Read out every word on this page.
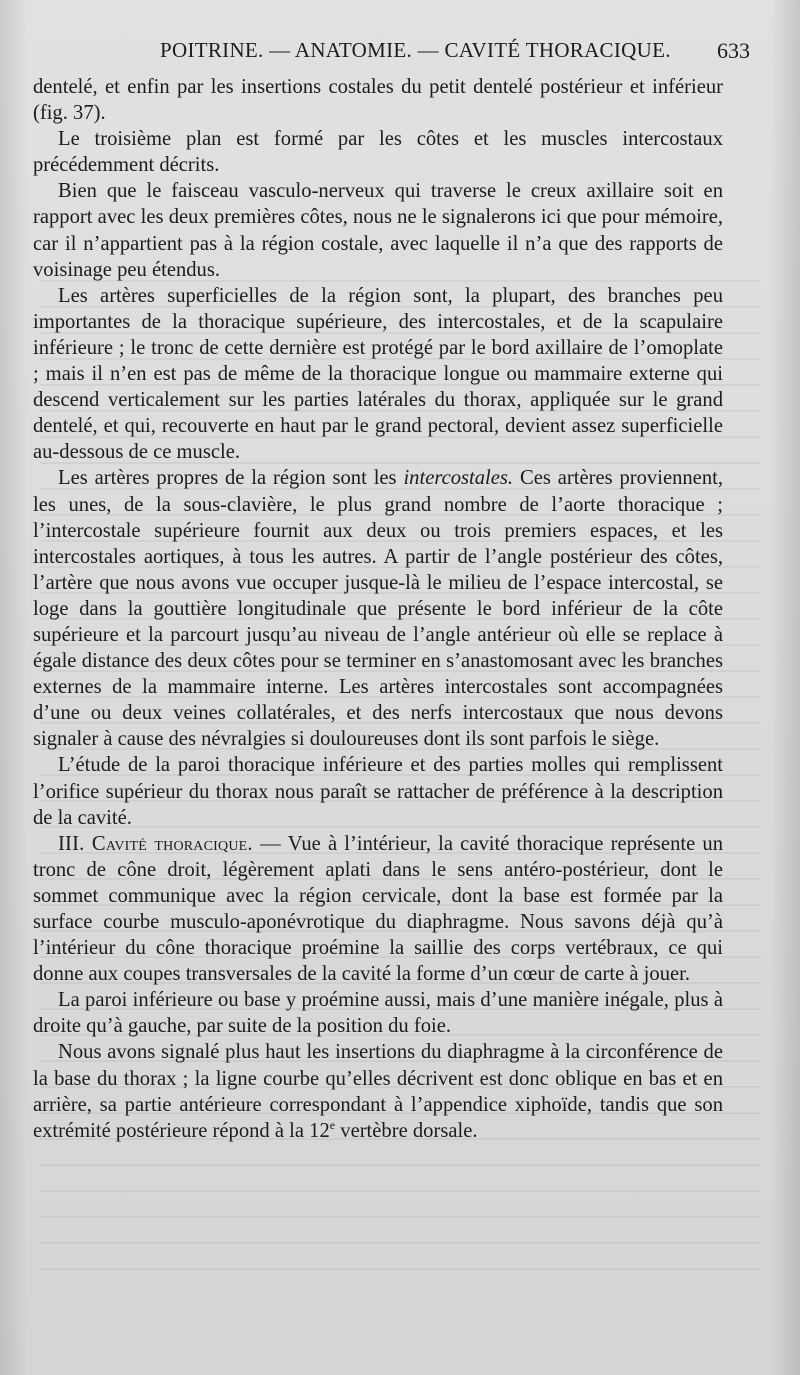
POITRINE. — ANATOMIE. — CAVITÉ THORACIQUE. 633

dentelé, et enfin par les insertions costales du petit dentelé postérieur et inférieur (fig. 37).

Le troisième plan est formé par les côtes et les muscles intercostaux précédemment décrits.

Bien que le faisceau vasculo-nerveux qui traverse le creux axillaire soit en rapport avec les deux premières côtes, nous ne le signalerons ici que pour mémoire, car il n’appartient pas à la région costale, avec laquelle il n’a que des rapports de voisinage peu étendus.

Les artères superficielles de la région sont, la plupart, des branches peu importantes de la thoracique supérieure, des intercostales, et de la scapulaire inférieure ; le tronc de cette dernière est protégé par le bord axillaire de l’omoplate ; mais il n’en est pas de même de la thoracique longue ou mammaire externe qui descend verticalement sur les parties latérales du thorax, appliquée sur le grand dentelé, et qui, recouverte en haut par le grand pectoral, devient assez superficielle au-dessous de ce muscle.

Les artères propres de la région sont les intercostales. Ces artères proviennent, les unes, de la sous-clavière, le plus grand nombre de l’aorte thoracique ; l’intercostale supérieure fournit aux deux ou trois premiers espaces, et les intercostales aortiques, à tous les autres. A partir de l’angle postérieur des côtes, l’artère que nous avons vue occuper jusque-là le milieu de l’espace intercostal, se loge dans la gouttière longitudinale que présente le bord inférieur de la côte supérieure et la parcourt jusqu’au niveau de l’angle antérieur où elle se replace à égale distance des deux côtes pour se terminer en s’anastomosant avec les branches externes de la mammaire interne. Les artères intercostales sont accompagnées d’une ou deux veines collatérales, et des nerfs intercostaux que nous devons signaler à cause des névralgies si douloureuses dont ils sont parfois le siège.

L’étude de la paroi thoracique inférieure et des parties molles qui remplissent l’orifice supérieur du thorax nous paraît se rattacher de préférence à la description de la cavité.

III. Cavité thoracique. — Vue à l’intérieur, la cavité thoracique représente un tronc de cône droit, légèrement aplati dans le sens antéro-postérieur, dont le sommet communique avec la région cervicale, dont la base est formée par la surface courbe musculo-aponévrotique du diaphragme. Nous savons déjà qu’à l’intérieur du cône thoracique proémine la saillie des corps vertébraux, ce qui donne aux coupes transversales de la cavité la forme d’un cœur de carte à jouer.

La paroi inférieure ou base y proémine aussi, mais d’une manière inégale, plus à droite qu’à gauche, par suite de la position du foie.

Nous avons signalé plus haut les insertions du diaphragme à la circonférence de la base du thorax ; la ligne courbe qu’elles décrivent est donc oblique en bas et en arrière, sa partie antérieure correspondant à l’appendice xiphoïde, tandis que son extrémité postérieure répond à la 12e vertèbre dorsale.
